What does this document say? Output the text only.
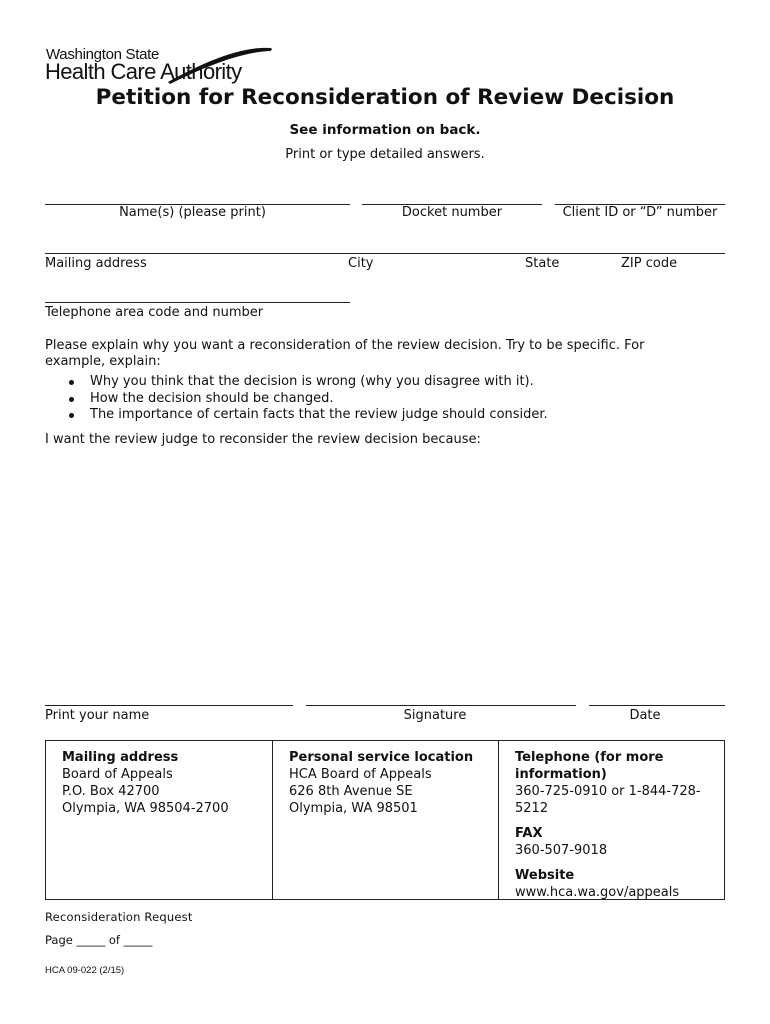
Washington State
Health Care Authority
Petition for Reconsideration of Review Decision
See information on back.
Print or type detailed answers.
Name(s) (please print)	Docket number	Client ID or “D” number
Mailing address	City	State	ZIP code
Telephone area code and number
Please explain why you want a reconsideration of the review decision. Try to be specific. For example, explain:
Why you think that the decision is wrong (why you disagree with it).
How the decision should be changed.
The importance of certain facts that the review judge should consider.
I want the review judge to reconsider the review decision because:
Print your name	Signature	Date
Mailing address
Board of Appeals
P.O. Box 42700
Olympia, WA 98504-2700
Personal service location
HCA Board of Appeals
626 8th Avenue SE
Olympia, WA 98501
Telephone (for more information)
360-725-0910 or 1-844-728-5212
FAX
360-507-9018
Website
www.hca.wa.gov/appeals
Reconsideration Request
Page _____ of _____
HCA 09-022 (2/15)
